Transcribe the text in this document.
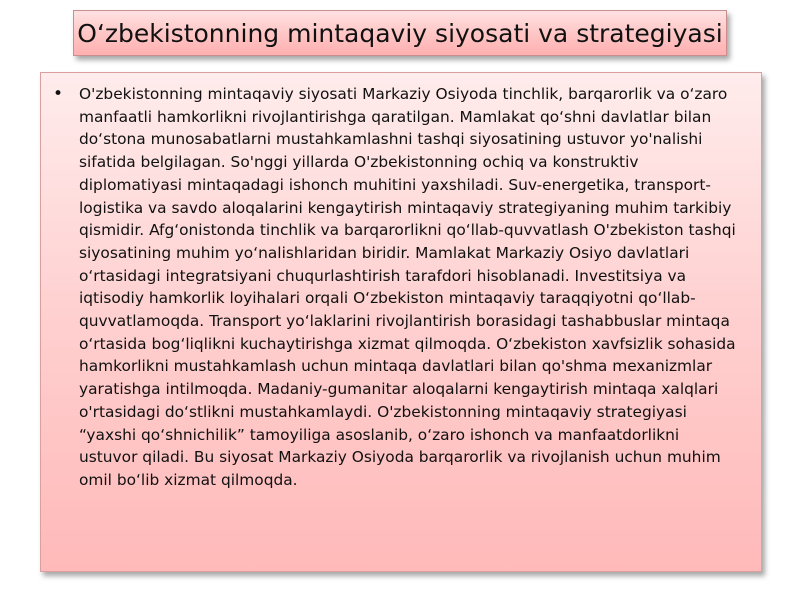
O‘zbekistonning mintaqaviy siyosati va strategiyasi
•	O'zbekistonning mintaqaviy siyosati Markaziy Osiyoda tinchlik, barqarorlik va o‘zaro manfaatli hamkorlikni rivojlantirishga qaratilgan. Mamlakat qo‘shni davlatlar bilan do‘stona munosabatlarni mustahkamlashni tashqi siyosatining ustuvor yo'nalishi sifatida belgilagan. So'nggi yillarda O'zbekistonning ochiq va konstruktiv diplomatiyasi mintaqadagi ishonch muhitini yaxshiladi. Suv-energetika, transport-logistika va savdo aloqalarini kengaytirish mintaqaviy strategiyaning muhim tarkibiy qismidir. Afg‘onistonda tinchlik va barqarorlikni qo‘llab-quvvatlash O'zbekiston tashqi siyosatining muhim yo‘nalishlaridan biridir. Mamlakat Markaziy Osiyo davlatlari o‘rtasidagi integratsiyani chuqurlashtirish tarafdori hisoblanadi. Investitsiya va iqtisodiy hamkorlik loyihalari orqali O‘zbekiston mintaqaviy taraqqiyotni qo‘llab-quvvatlamoqda. Transport yo‘laklarini rivojlantirish borasidagi tashabbuslar mintaqa o‘rtasida bog‘liqlikni kuchaytirishga xizmat qilmoqda. O‘zbekiston xavfsizlik sohasida hamkorlikni mustahkamlash uchun mintaqa davlatlari bilan qo'shma mexanizmlar yaratishga intilmoqda. Madaniy-gumanitar aloqalarni kengaytirish mintaqa xalqlari o'rtasidagi do‘stlikni mustahkamlaydi. O'zbekistonning mintaqaviy strategiyasi “yaxshi qo‘shnichilik” tamoyiliga asoslanib, o‘zaro ishonch va manfaatdorlikni ustuvor qiladi. Bu siyosat Markaziy Osiyoda barqarorlik va rivojlanish uchun muhim omil bo‘lib xizmat qilmoqda.
